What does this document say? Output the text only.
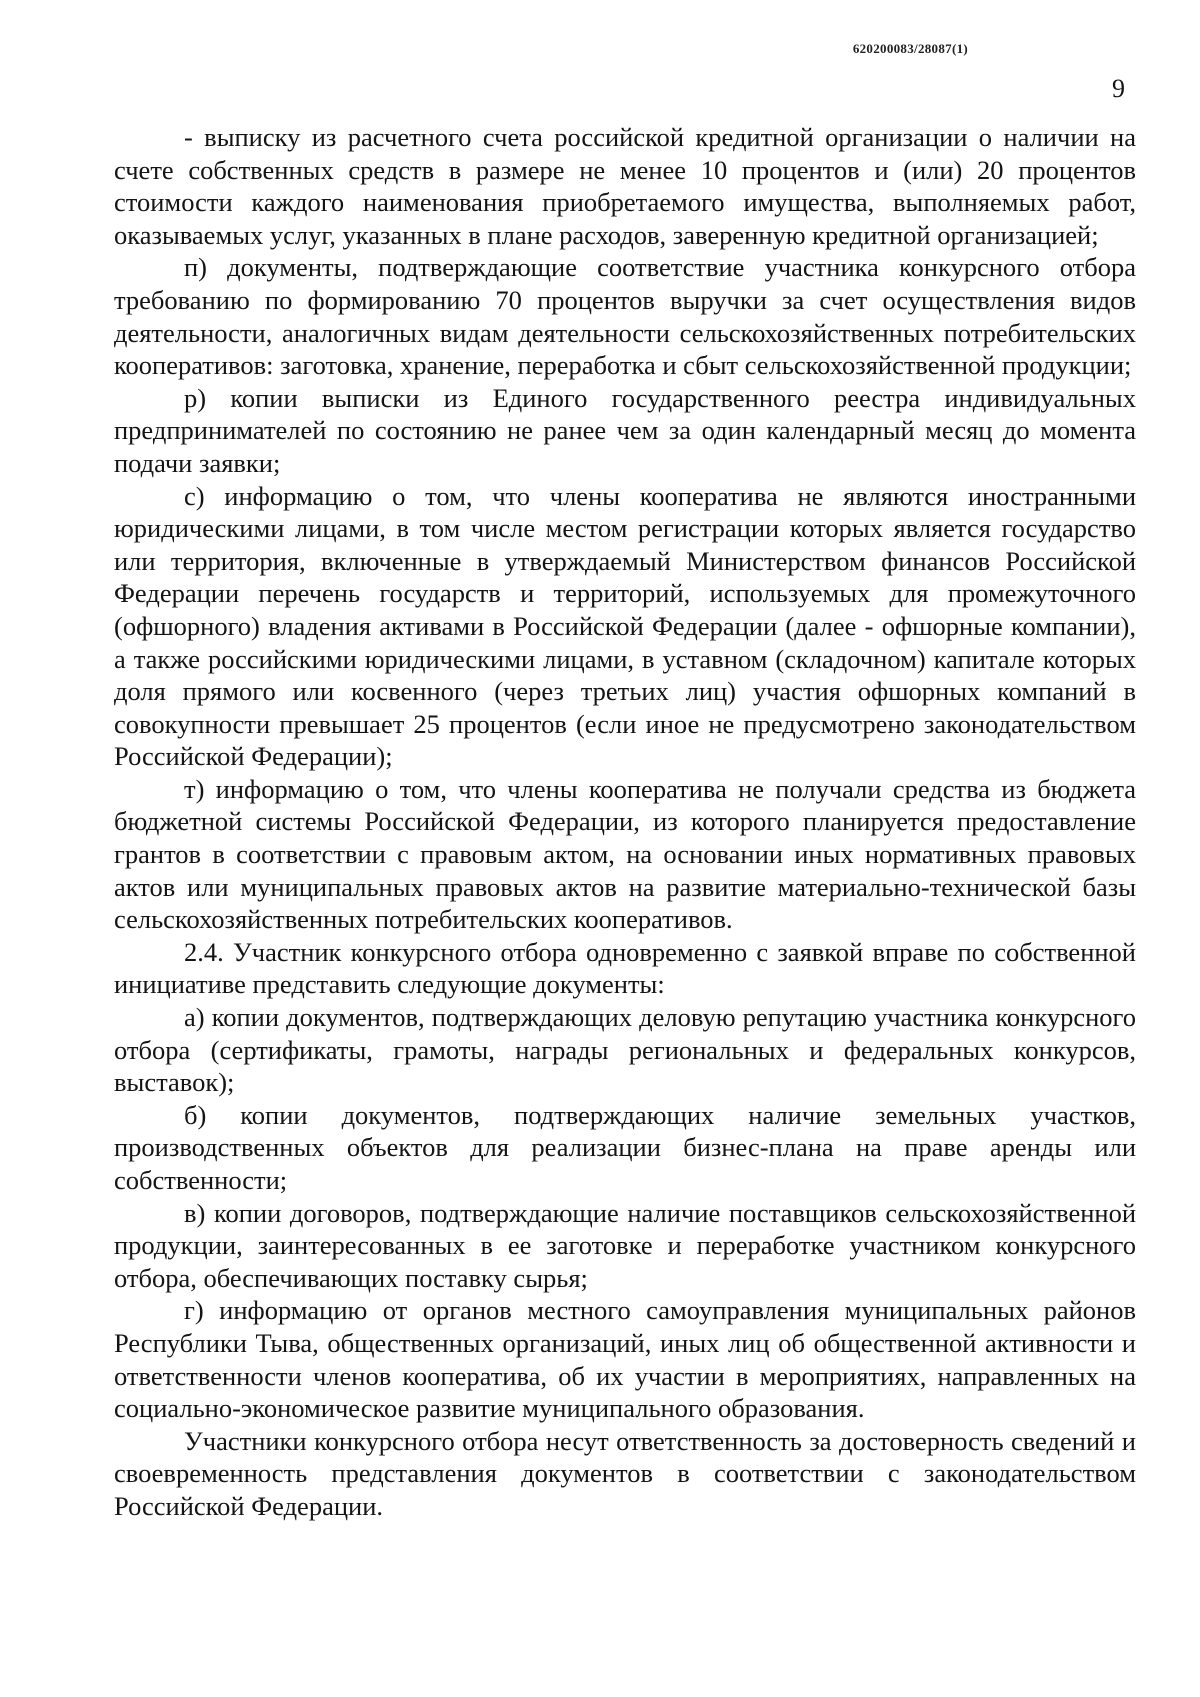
620200083/28087(1)
9

- выписку из расчетного счета российской кредитной организации о наличии на счете собственных средств в размере не менее 10 процентов и (или) 20 процентов стоимости каждого наименования приобретаемого имущества, выполняемых работ, оказываемых услуг, указанных в плане расходов, заверенную кредитной организацией;

п) документы, подтверждающие соответствие участника конкурсного отбора требованию по формированию 70 процентов выручки за счет осуществления видов деятельности, аналогичных видам деятельности сельскохозяйственных потребительских кооперативов: заготовка, хранение, переработка и сбыт сельскохозяйственной продукции;

р) копии выписки из Единого государственного реестра индивидуальных предпринимателей по состоянию не ранее чем за один календарный месяц до момента подачи заявки;

с) информацию о том, что члены кооператива не являются иностранными юридическими лицами, в том числе местом регистрации которых является государство или территория, включенные в утверждаемый Министерством финансов Российской Федерации перечень государств и территорий, используемых для промежуточного (офшорного) владения активами в Российской Федерации (далее - офшорные компании), а также российскими юридическими лицами, в уставном (складочном) капитале которых доля прямого или косвенного (через третьих лиц) участия офшорных компаний в совокупности превышает 25 процентов (если иное не предусмотрено законодательством Российской Федерации);

т) информацию о том, что члены кооператива не получали средства из бюджета бюджетной системы Российской Федерации, из которого планируется предоставление грантов в соответствии с правовым актом, на основании иных нормативных правовых актов или муниципальных правовых актов на развитие материально-технической базы сельскохозяйственных потребительских кооперативов.

2.4. Участник конкурсного отбора одновременно с заявкой вправе по собственной инициативе представить следующие документы:

а) копии документов, подтверждающих деловую репутацию участника конкурсного отбора (сертификаты, грамоты, награды региональных и федеральных конкурсов, выставок);

б) копии документов, подтверждающих наличие земельных участков, производственных объектов для реализации бизнес-плана на праве аренды или собственности;

в) копии договоров, подтверждающие наличие поставщиков сельскохозяйственной продукции, заинтересованных в ее заготовке и переработке участником конкурсного отбора, обеспечивающих поставку сырья;

г) информацию от органов местного самоуправления муниципальных районов Республики Тыва, общественных организаций, иных лиц об общественной активности и ответственности членов кооператива, об их участии в мероприятиях, направленных на социально-экономическое развитие муниципального образования.

Участники конкурсного отбора несут ответственность за достоверность сведений и своевременность представления документов в соответствии с законодательством Российской Федерации.
